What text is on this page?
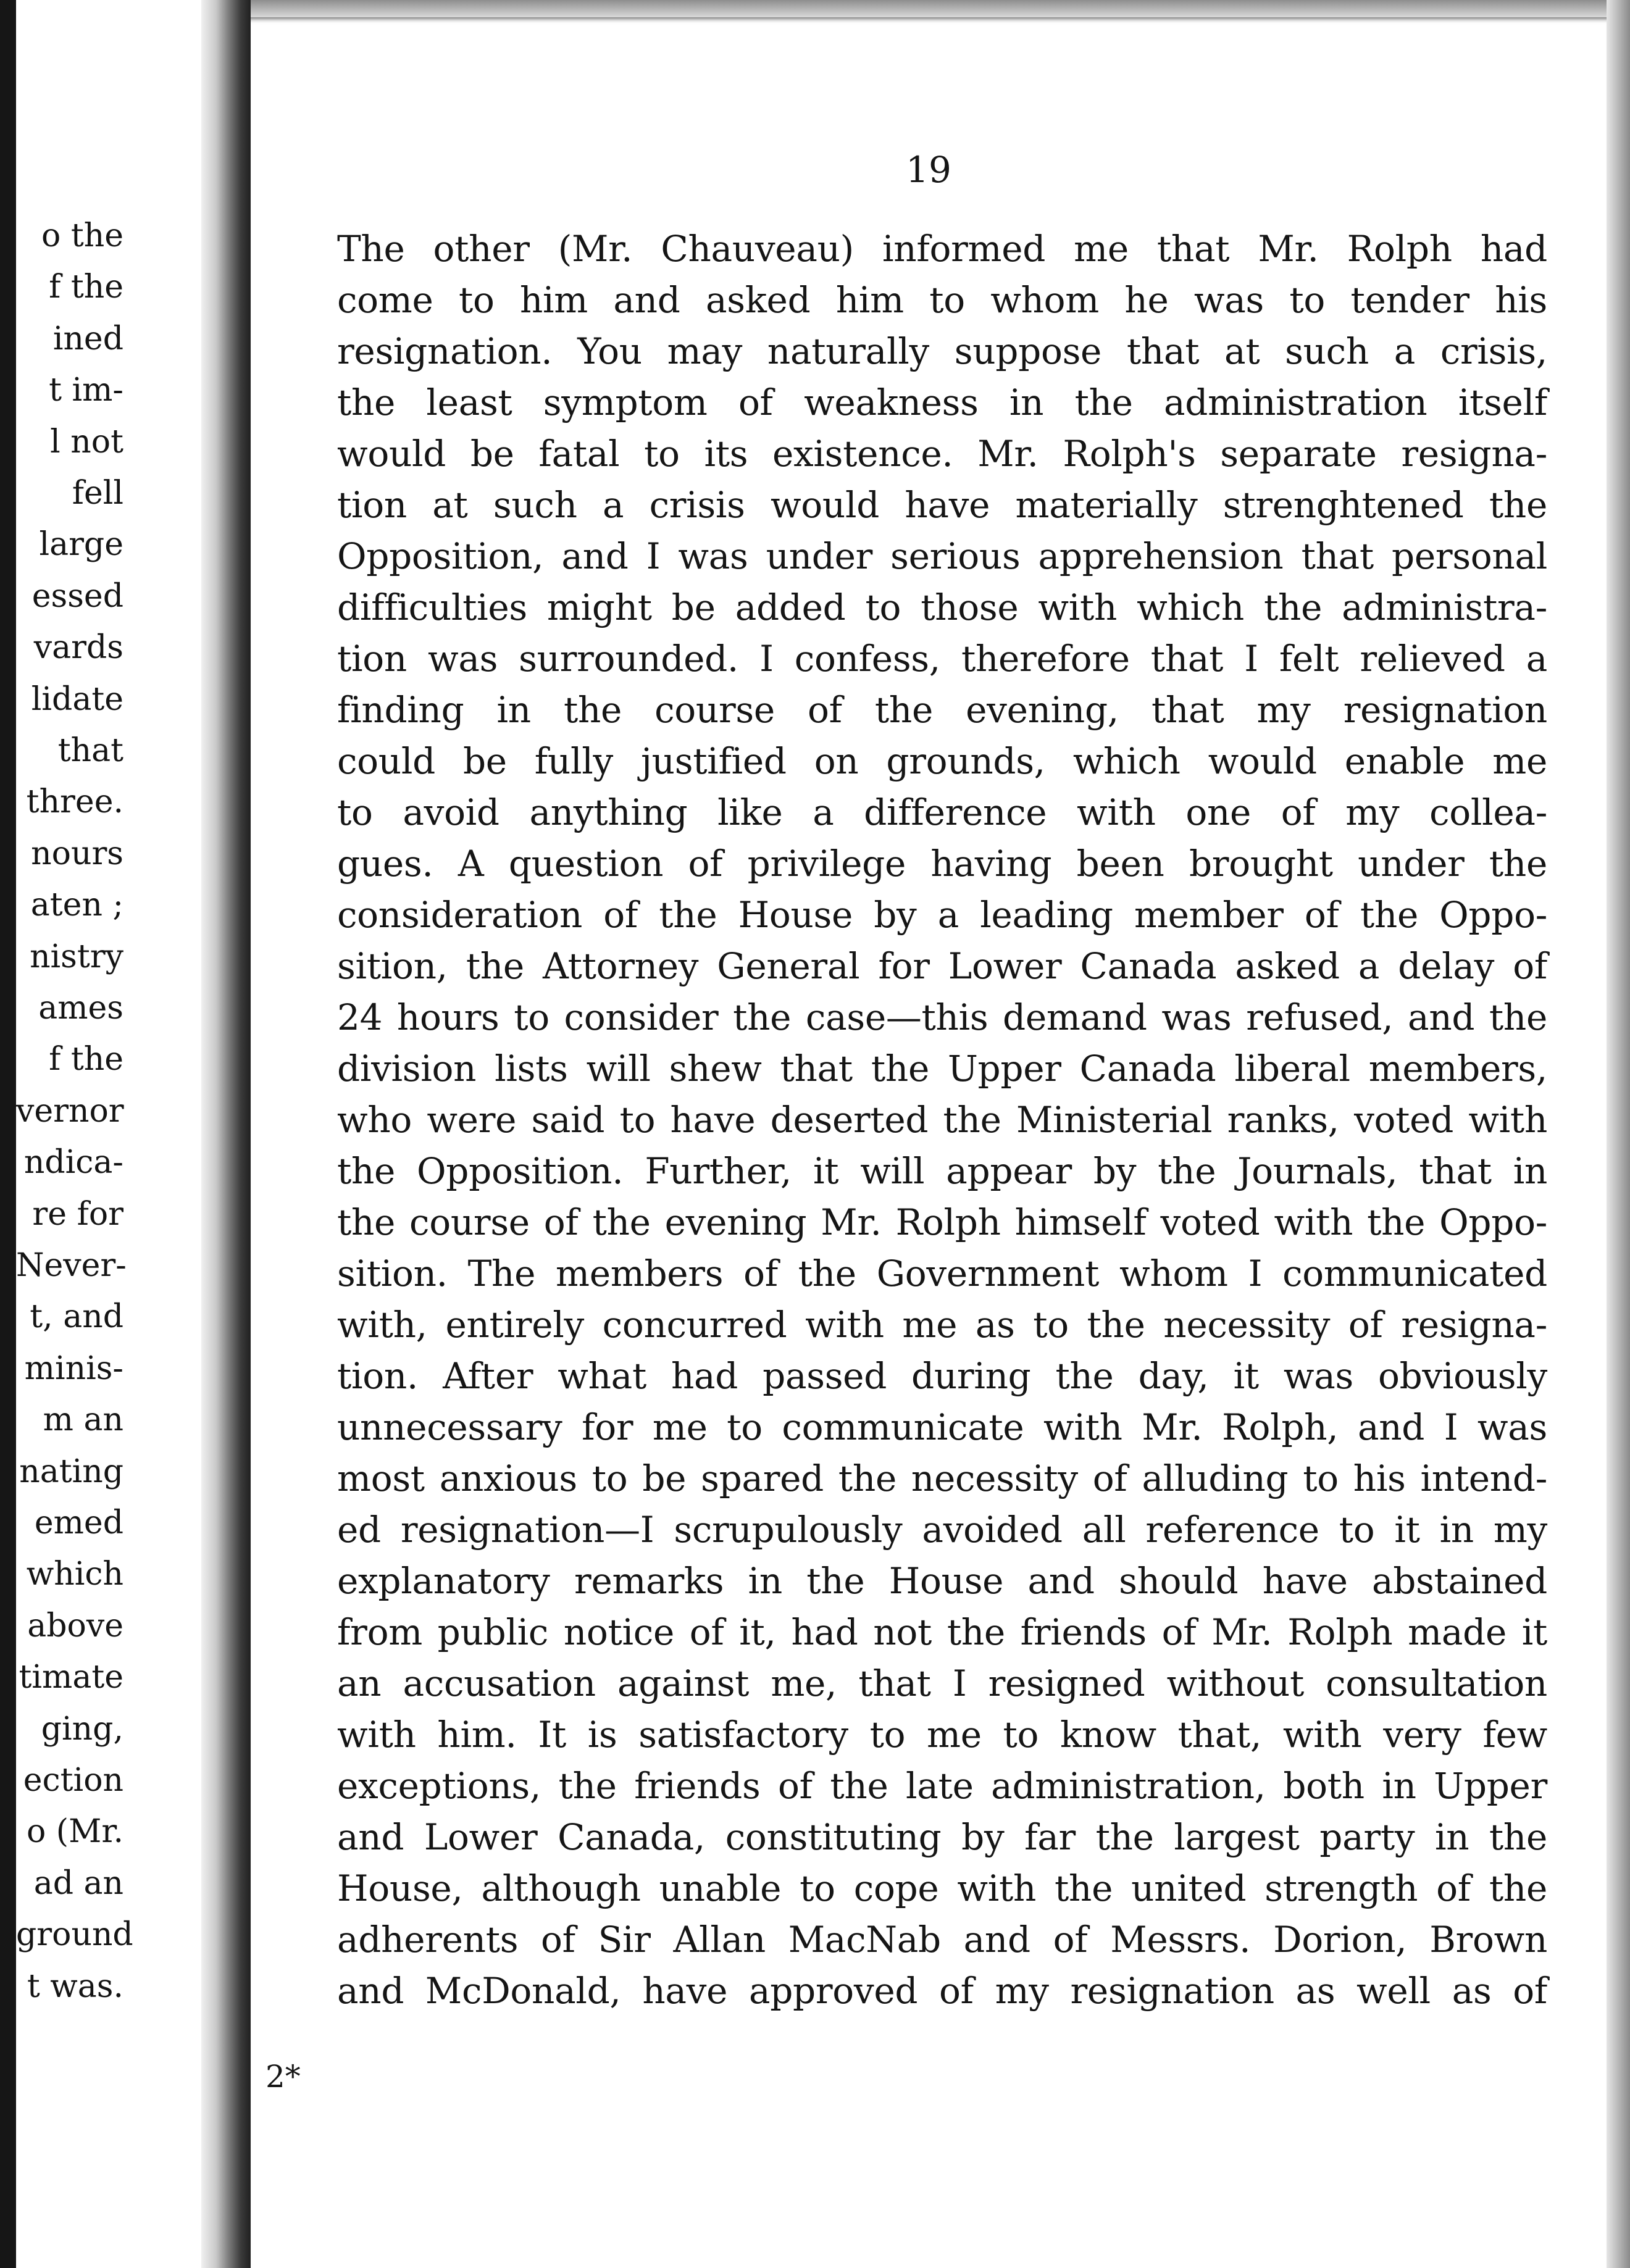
o the
f the
ined
t im-
l not
fell
large
essed
vards
lidate
that
three.
nours
aten ;
nistry
ames
f the
vernor
ndica-
re for
Never-
t, and
minis-
m an
nating
emed
which
above
timate
ging,
ection
o (Mr.
ad an
ground
t was.
19
The other (Mr. Chauveau) informed me that Mr. Rolph had
come to him and asked him to whom he was to tender his
resignation. You may naturally suppose that at such a crisis,
the least symptom of weakness in the administration itself
would be fatal to its existence. Mr. Rolph's separate resigna-
tion at such a crisis would have materially strenghtened the
Opposition, and I was under serious apprehension that personal
difficulties might be added to those with which the administra-
tion was surrounded. I confess, therefore that I felt relieved a
finding in the course of the evening, that my resignation
could be fully justified on grounds, which would enable me
to avoid anything like a difference with one of my collea-
gues. A question of privilege having been brought under the
consideration of the House by a leading member of the Oppo-
sition, the Attorney General for Lower Canada asked a delay of
24 hours to consider the case—this demand was refused, and the
division lists will shew that the Upper Canada liberal members,
who were said to have deserted the Ministerial ranks, voted with
the Opposition. Further, it will appear by the Journals, that in
the course of the evening Mr. Rolph himself voted with the Oppo-
sition. The members of the Government whom I communicated
with, entirely concurred with me as to the necessity of resigna-
tion. After what had passed during the day, it was obviously
unnecessary for me to communicate with Mr. Rolph, and I was
most anxious to be spared the necessity of alluding to his intend-
ed resignation—I scrupulously avoided all reference to it in my
explanatory remarks in the House and should have abstained
from public notice of it, had not the friends of Mr. Rolph made it
an accusation against me, that I resigned without consultation
with him. It is satisfactory to me to know that, with very few
exceptions, the friends of the late administration, both in Upper
and Lower Canada, constituting by far the largest party in the
House, although unable to cope with the united strength of the
adherents of Sir Allan MacNab and of Messrs. Dorion, Brown
and McDonald, have approved of my resignation as well as of
2*
